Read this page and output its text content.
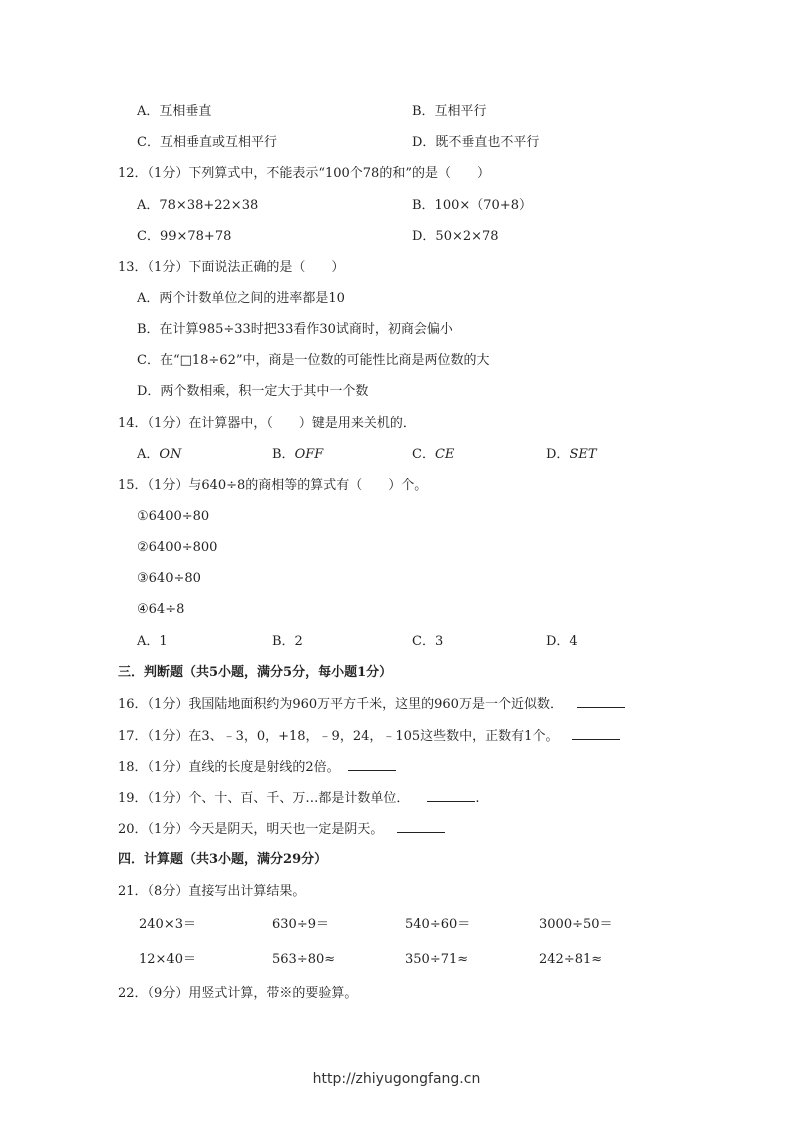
A．互相垂直	B．互相平行
C．互相垂直或互相平行	D．既不垂直也不平行
12．（1分）下列算式中，不能表示“100个78的和”的是（　　）
A．78×38+22×38	B．100×（70+8）
C．99×78+78	D．50×2×78
13．（1分）下面说法正确的是（　　）
A．两个计数单位之间的进率都是10
B．在计算985÷33时把33看作30试商时，初商会偏小
C．在“□18÷62”中，商是一位数的可能性比商是两位数的大
D．两个数相乘，积一定大于其中一个数
14．（1分）在计算器中，（　　）键是用来关机的．
A．ON	B．OFF	C．CE	D．SET
15．（1分）与640÷8的商相等的算式有（　　）个。
①6400÷80
②6400÷800
③640÷80
④64÷8
A．1	B．2	C．3	D．4
三．判断题（共5小题，满分5分，每小题1分）
16．（1分）我国陆地面积约为960万平方千米，这里的960万是一个近似数．
17．（1分）在3、﹣3，0，+18，﹣9，24，﹣105这些数中，正数有1个。
18．（1分）直线的长度是射线的2倍。
19．（1分）个、十、百、千、万…都是计数单位．	.
20．（1分）今天是阴天，明天也一定是阴天。
四．计算题（共3小题，满分29分）
21．（8分）直接写出计算结果。
240×3＝	630÷9＝	540÷60＝	3000÷50＝
12×40＝	563÷80≈	350÷71≈	242÷81≈
22．（9分）用竖式计算，带※的要验算。
http://zhiyugongfang.cn
